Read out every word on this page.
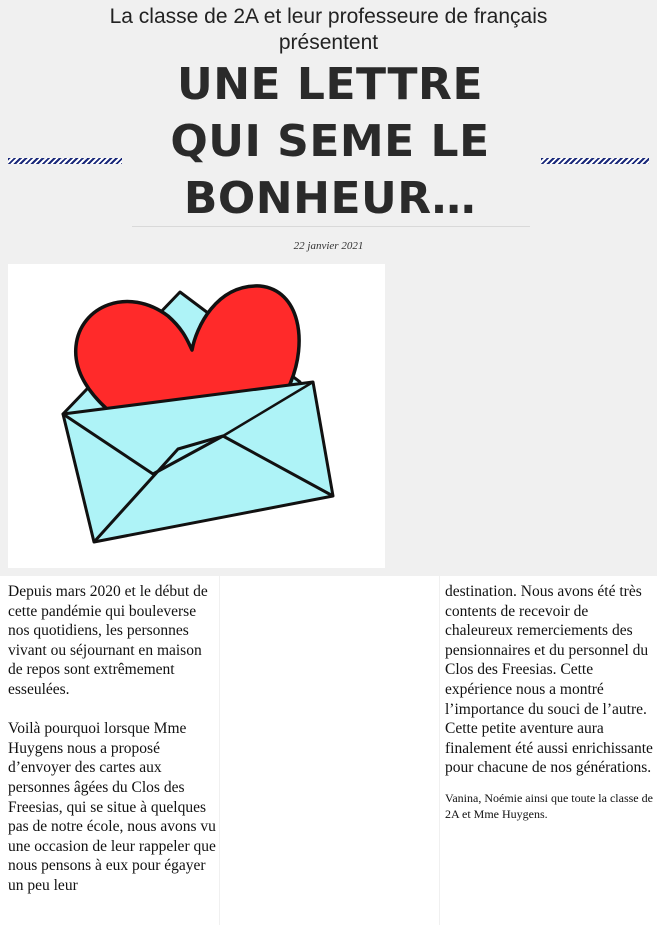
La classe de 2A et leur professeure de français
présentent
UNE LETTRE
QUI SEME LE
BONHEUR…
22 janvier 2021

Depuis mars 2020 et le début de cette pandémie qui bouleverse nos quotidiens, les personnes vivant ou séjournant en maison de repos sont extrêmement esseulées.

Voilà pourquoi lorsque Mme Huygens nous a proposé d’envoyer des cartes aux personnes âgées du Clos des Freesias, qui se situe à quelques pas de notre école, nous avons vu une occasion de leur rappeler que nous pensons à eux pour égayer un peu leur

destination. Nous avons été très contents de recevoir de chaleureux remerciements des pensionnaires et du personnel du Clos des Freesias. Cette expérience nous a montré l’importance du souci de l’autre. Cette petite aventure aura finalement été aussi enrichissante pour chacune de nos générations.

Vanina, Noémie ainsi que toute la classe de 2A et Mme Huygens.
